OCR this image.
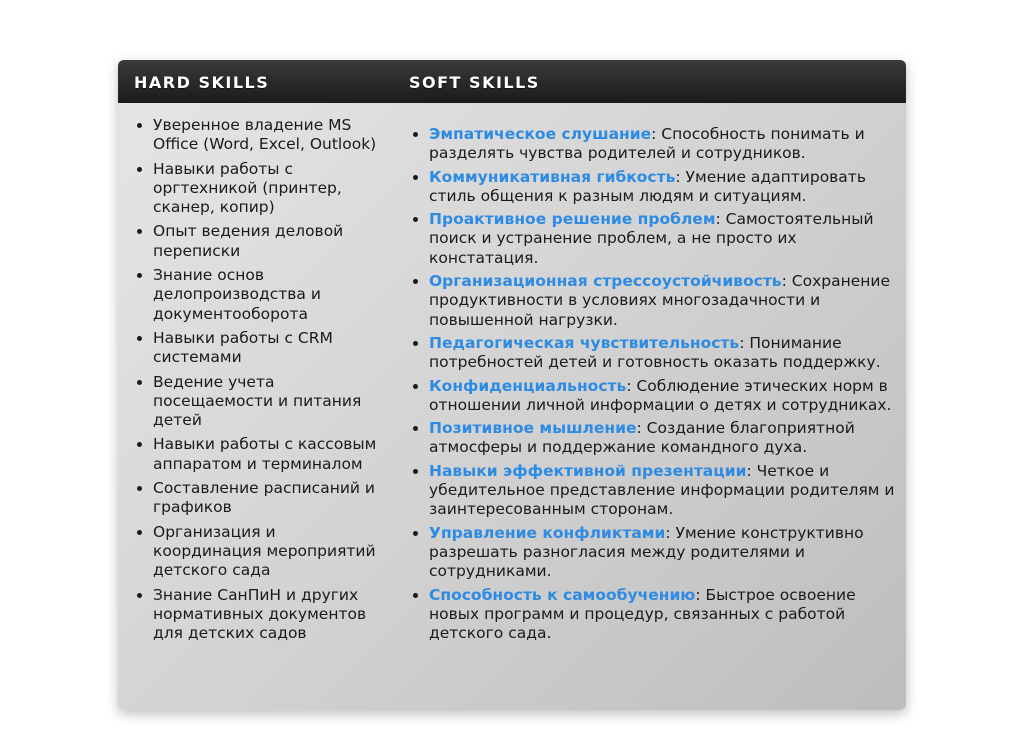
HARD SKILLS	SOFT SKILLS
Уверенное владение MS Office (Word, Excel, Outlook)
Навыки работы с оргтехникой (принтер, сканер, копир)
Опыт ведения деловой переписки
Знание основ делопроизводства и документооборота
Навыки работы с CRM системами
Ведение учета посещаемости и питания детей
Навыки работы с кассовым аппаратом и терминалом
Составление расписаний и графиков
Организация и координация мероприятий детского сада
Знание СанПиН и других нормативных документов для детских садов
Эмпатическое слушание: Способность понимать и разделять чувства родителей и сотрудников.
Коммуникативная гибкость: Умение адаптировать стиль общения к разным людям и ситуациям.
Проактивное решение проблем: Самостоятельный поиск и устранение проблем, а не просто их констатация.
Организационная стрессоустойчивость: Сохранение продуктивности в условиях многозадачности и повышенной нагрузки.
Педагогическая чувствительность: Понимание потребностей детей и готовность оказать поддержку.
Конфиденциальность: Соблюдение этических норм в отношении личной информации о детях и сотрудниках.
Позитивное мышление: Создание благоприятной атмосферы и поддержание командного духа.
Навыки эффективной презентации: Четкое и убедительное представление информации родителям и заинтересованным сторонам.
Управление конфликтами: Умение конструктивно разрешать разногласия между родителями и сотрудниками.
Способность к самообучению: Быстрое освоение новых программ и процедур, связанных с работой детского сада.
